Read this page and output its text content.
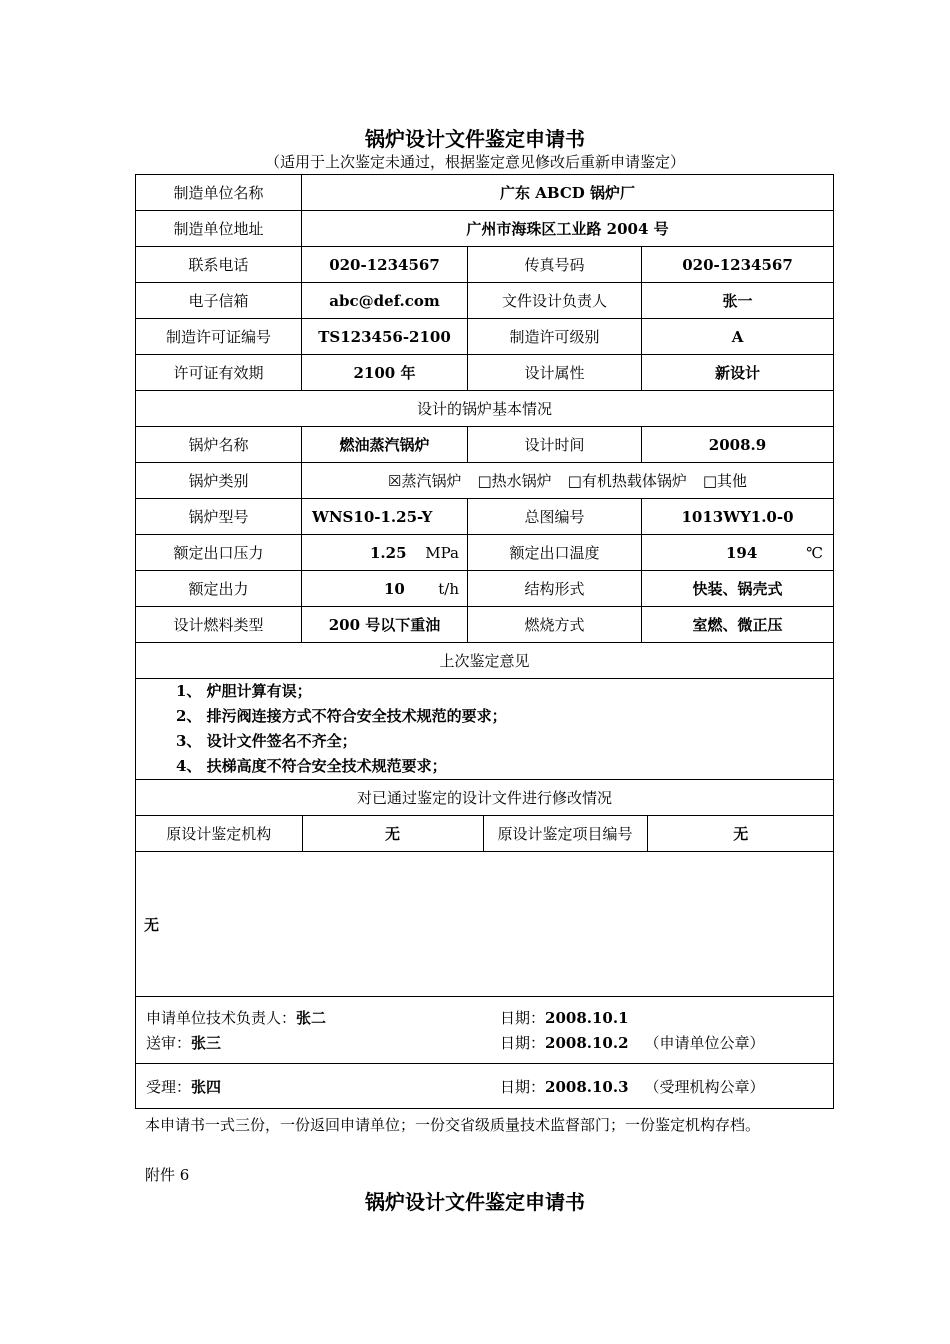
锅炉设计文件鉴定申请书
（适用于上次鉴定未通过，根据鉴定意见修改后重新申请鉴定）
制造单位名称	广东 ABCD 锅炉厂
制造单位地址	广州市海珠区工业路 2004 号
联系电话	020-1234567	传真号码	020-1234567
电子信箱	abc@def.com	文件设计负责人	张一
制造许可证编号	TS123456-2100	制造许可级别	A
许可证有效期	2100 年	设计属性	新设计
设计的锅炉基本情况
锅炉名称	燃油蒸汽锅炉	设计时间	2008.9
锅炉类别	☒蒸汽锅炉 □热水锅炉 □有机热载体锅炉 □其他
锅炉型号	WNS10-1.25-Y	总图编号	1013WY1.0-0
额定出口压力	1.25 MPa	额定出口温度	194	℃

额定出力	10 t/h	结构形式	快装、锅壳式
设计燃料类型	200 号以下重油	燃烧方式	室燃、微正压
上次鉴定意见

1、 炉胆计算有误；
2、 排污阀连接方式不符合安全技术规范的要求；
3、 设计文件签名不齐全；
4、 扶梯高度不符合安全技术规范要求；

对已通过鉴定的设计文件进行修改情况

原设计鉴定机构	无	原设计鉴定项目编号	无

无

申请单位技术负责人：张二	日期：2008.10.1
送审：张三	日期：2008.10.2 （申请单位公章）

受理：张四	日期：2008.10.3 （受理机构公章）
本申请书一式三份，一份返回申请单位；一份交省级质量技术监督部门；一份鉴定机构存档。
附件 6
锅炉设计文件鉴定申请书
